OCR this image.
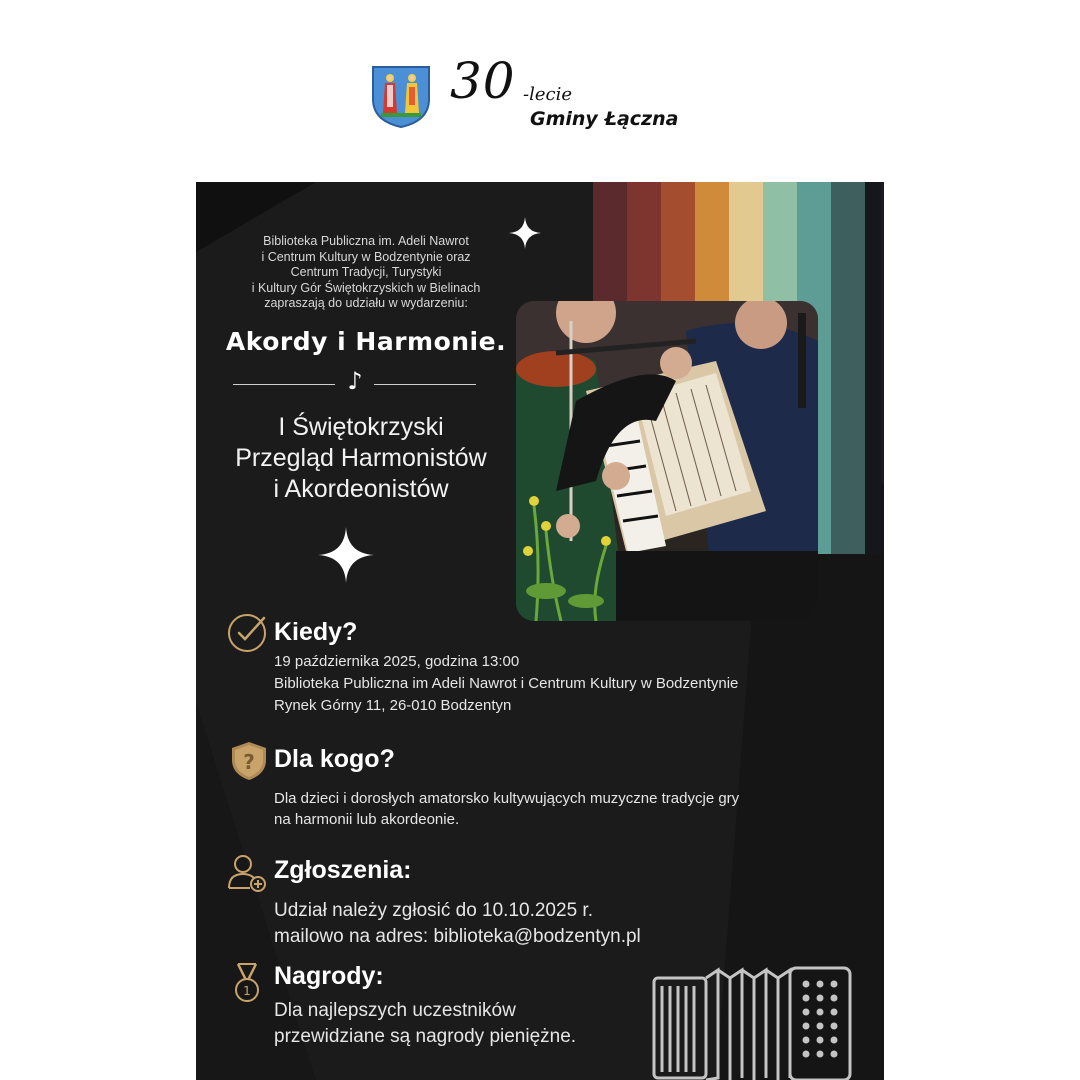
30 -lecie
Gminy Łączna
Biblioteka Publiczna im. Adeli Nawrot
i Centrum Kultury w Bodzentynie oraz
Centrum Tradycji, Turystyki
i Kultury Gór Świętokrzyskich w Bielinach
zapraszają do udziału w wydarzeniu:
Akordy i Harmonie.
♪
I Świętokrzyski
Przegląd Harmonistów
i Akordeonistów
Kiedy?
19 października 2025, godzina 13:00
Biblioteka Publiczna im Adeli Nawrot i Centrum Kultury w Bodzentynie
Rynek Górny 11, 26-010 Bodzentyn
? Dla kogo?
Dla dzieci i dorosłych amatorsko kultywujących muzyczne tradycje gry
na harmonii lub akordeonie.
Zgłoszenia:
Udział należy zgłosić do 10.10.2025 r.
mailowo na adres: biblioteka@bodzentyn.pl
1
Nagrody:
Dla najlepszych uczestników
przewidziane są nagrody pieniężne.
